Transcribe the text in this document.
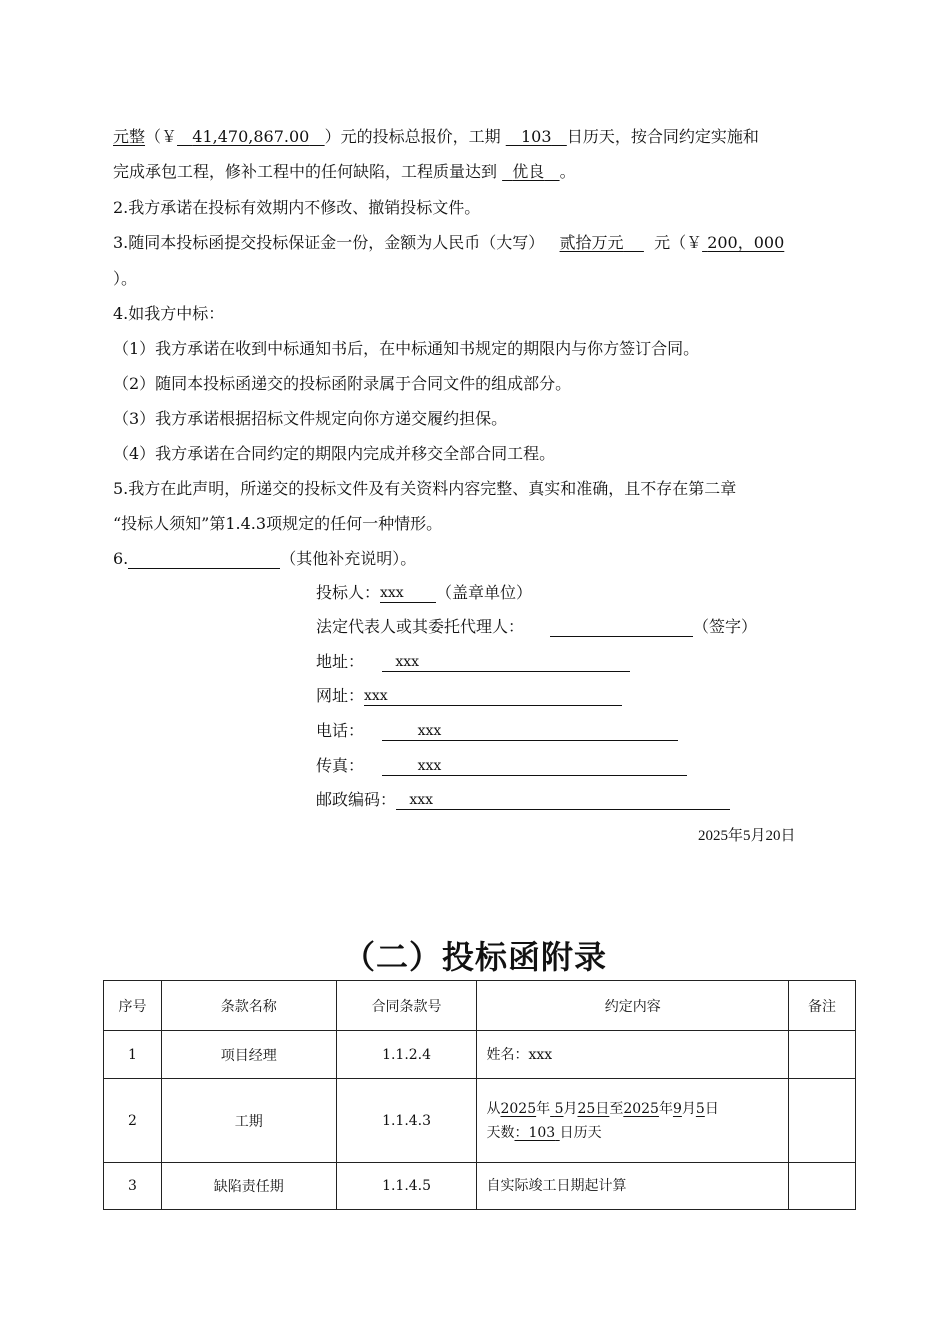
元整（￥ 41,470,867.00 ）元的投标总报价，工期 103 日历天，按合同约定实施和
完成承包工程，修补工程中的任何缺陷，工程质量达到 优良 。
2.我方承诺在投标有效期内不修改、撤销投标文件。
3.随同本投标函提交投标保证金一份，金额为人民币（大写） 贰拾万元 元（￥ 200，000
）。
4.如我方中标：
（1）我方承诺在收到中标通知书后，在中标通知书规定的期限内与你方签订合同。
（2）随同本投标函递交的投标函附录属于合同文件的组成部分。
（3）我方承诺根据招标文件规定向你方递交履约担保。
（4）我方承诺在合同约定的期限内完成并移交全部合同工程。
5.我方在此声明，所递交的投标文件及有关资料内容完整、真实和准确，且不存在第二章
“投标人须知”第1.4.3项规定的任何一种情形。
6.	（其他补充说明）。
投标人：xxx （盖章单位）
法定代表人或其委托代理人：	（签字）
地址： xxx
网址：xxx
电话：	xxx
传真：	xxx
邮政编码： xxx
2025年5月20日
（二）投标函附录
序号	条款名称	合同条款号	约定内容	备注
1	项目经理	1.1.2.4	姓名：xxx	
2	工期	1.1.4.3	从2025年 5月25日至2025年9月5日
天数：103 日历天	

3	缺陷责任期	1.1.4.5	自实际竣工日期起计算	
